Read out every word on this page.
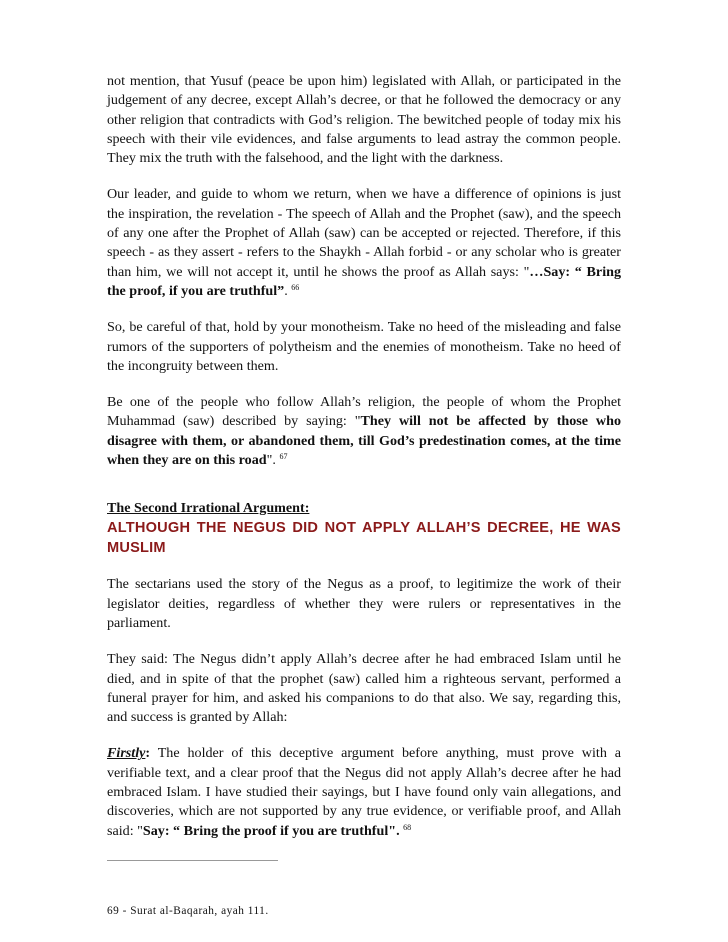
not mention, that Yusuf (peace be upon him) legislated with Allah, or participated in the judgement of any decree, except Allah’s decree, or that he followed the democracy or any other religion that contradicts with God’s religion. The bewitched people of today mix his speech with their vile evidences, and false arguments to lead astray the common people. They mix the truth with the falsehood, and the light with the darkness.

Our leader, and guide to whom we return, when we have a difference of opinions is just the inspiration, the revelation - The speech of Allah and the Prophet (saw), and the speech of any one after the Prophet of Allah (saw) can be accepted or rejected. Therefore, if this speech - as they assert - refers to the Shaykh - Allah forbid - or any scholar who is greater than him, we will not accept it, until he shows the proof as Allah says: "…Say: “ Bring the proof, if you are truthful”. $^{66}$

So, be careful of that, hold by your monotheism. Take no heed of the misleading and false rumors of the supporters of polytheism and the enemies of monotheism. Take no heed of the incongruity between them.

Be one of the people who follow Allah’s religion, the people of whom the Prophet Muhammad (saw) described by saying: "They will not be affected by those who disagree with them, or abandoned them, till God’s predestination comes, at the time when they are on this road". $^{67}$

The Second Irrational Argument:

ALTHOUGH THE NEGUS DID NOT APPLY ALLAH’S DECREE, HE WAS MUSLIM

The sectarians used the story of the Negus as a proof, to legitimize the work of their legislator deities, regardless of whether they were rulers or representatives in the parliament.

They said: The Negus didn’t apply Allah’s decree after he had embraced Islam until he died, and in spite of that the prophet (saw) called him a righteous servant, performed a funeral prayer for him, and asked his companions to do that also. We say, regarding this, and success is granted by Allah:

Firstly: The holder of this deceptive argument before anything, must prove with a verifiable text, and a clear proof that the Negus did not apply Allah’s decree after he had embraced Islam. I have studied their sayings, but I have found only vain allegations, and discoveries, which are not supported by any true evidence, or verifiable proof, and Allah said: "Say: “ Bring the proof if you are truthful". $^{68}$

69 - Surat al-Baqarah, ayah 111.
